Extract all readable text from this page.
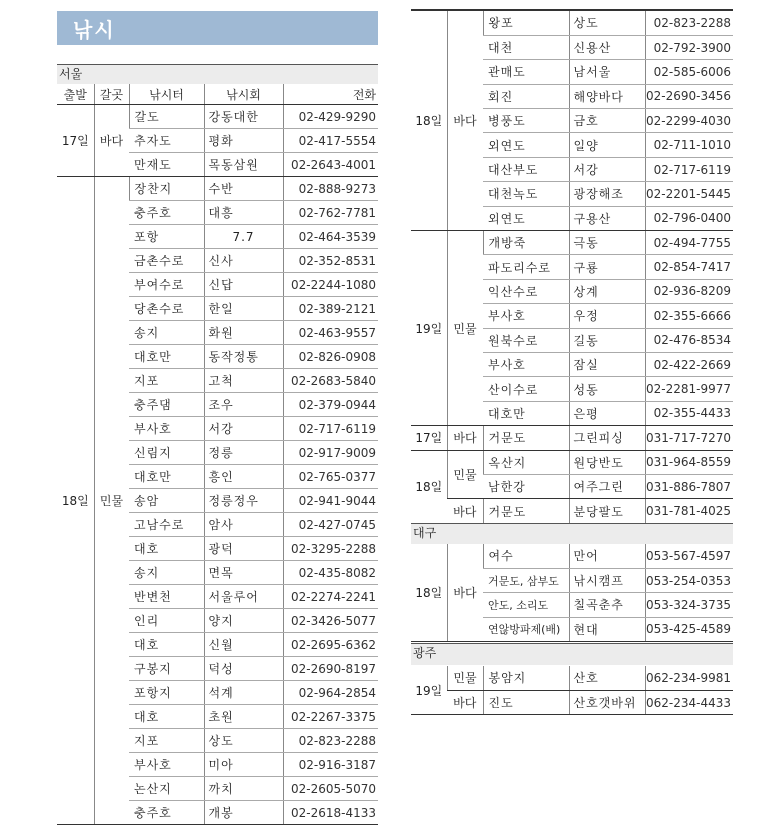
낚시
서울
출발	갈곳	낚시터	낚시회	전화
17일	바다	갈도	강동대한	02-429-9290
		추자도	평화	02-417-5554
		만재도	목동삼원	02-2643-4001
18일	민물	장찬지	수반	02-888-9273
		충주호	대흥	02-762-7781
		포항	7.7	02-464-3539
		금촌수로	신사	02-352-8531
		부여수로	신답	02-2244-1080
		당촌수로	한일	02-389-2121
		송지	화원	02-463-9557
		대호만	동작정통	02-826-0908
		지포	고척	02-2683-5840
		충주댐	조우	02-379-0944
		부사호	서강	02-717-6119
		신림지	정릉	02-917-9009
		대호만	흥인	02-765-0377
		송암	정릉정우	02-941-9044
		고남수로	암사	02-427-0745
		대호	광덕	02-3295-2288
		송지	면목	02-435-8082
		반변천	서울루어	02-2274-2241
		인리	양지	02-3426-5077
		대호	신월	02-2695-6362
		구봉지	덕성	02-2690-8197
		포항지	석계	02-964-2854
		대호	초원	02-2267-3375
		지포	상도	02-823-2288
		부사호	미아	02-916-3187
		논산지	까치	02-2605-5070
		충주호	개봉	02-2618-4133
18일	바다	왕포	상도	02-823-2288
		대천	신용산	02-792-3900
		관매도	남서울	02-585-6006
		회진	해양바다	02-2690-3456
		병풍도	금호	02-2299-4030
		외연도	일양	02-711-1010
		대산부도	서강	02-717-6119
		대천녹도	광장해조	02-2201-5445
		외연도	구용산	02-796-0400
19일	민물	개방죽	극동	02-494-7755
		파도리수로	구룡	02-854-7417
		익산수로	상계	02-936-8209
		부사호	우정	02-355-6666
		원북수로	길동	02-476-8534
		부사호	잠실	02-422-2669
		산이수로	성동	02-2281-9977
		대호만	은평	02-355-4433
17일	바다	거문도	그린피싱	031-717-7270
18일	민물	옥산지	원당반도	031-964-8559
		남한강	여주그린	031-886-7807
	바다	거문도	분당팔도	031-781-4025
대구
18일	바다	여수	만어	053-567-4597
		거문도, 삼부도	낚시캠프	053-254-0353
		안도, 소리도	칠곡춘추	053-324-3735
		연않방파제(배)	현대	053-425-4589
광주
19일	민물	봉암지	산호	062-234-9981
	바다	진도	산호갯바위	062-234-4433
